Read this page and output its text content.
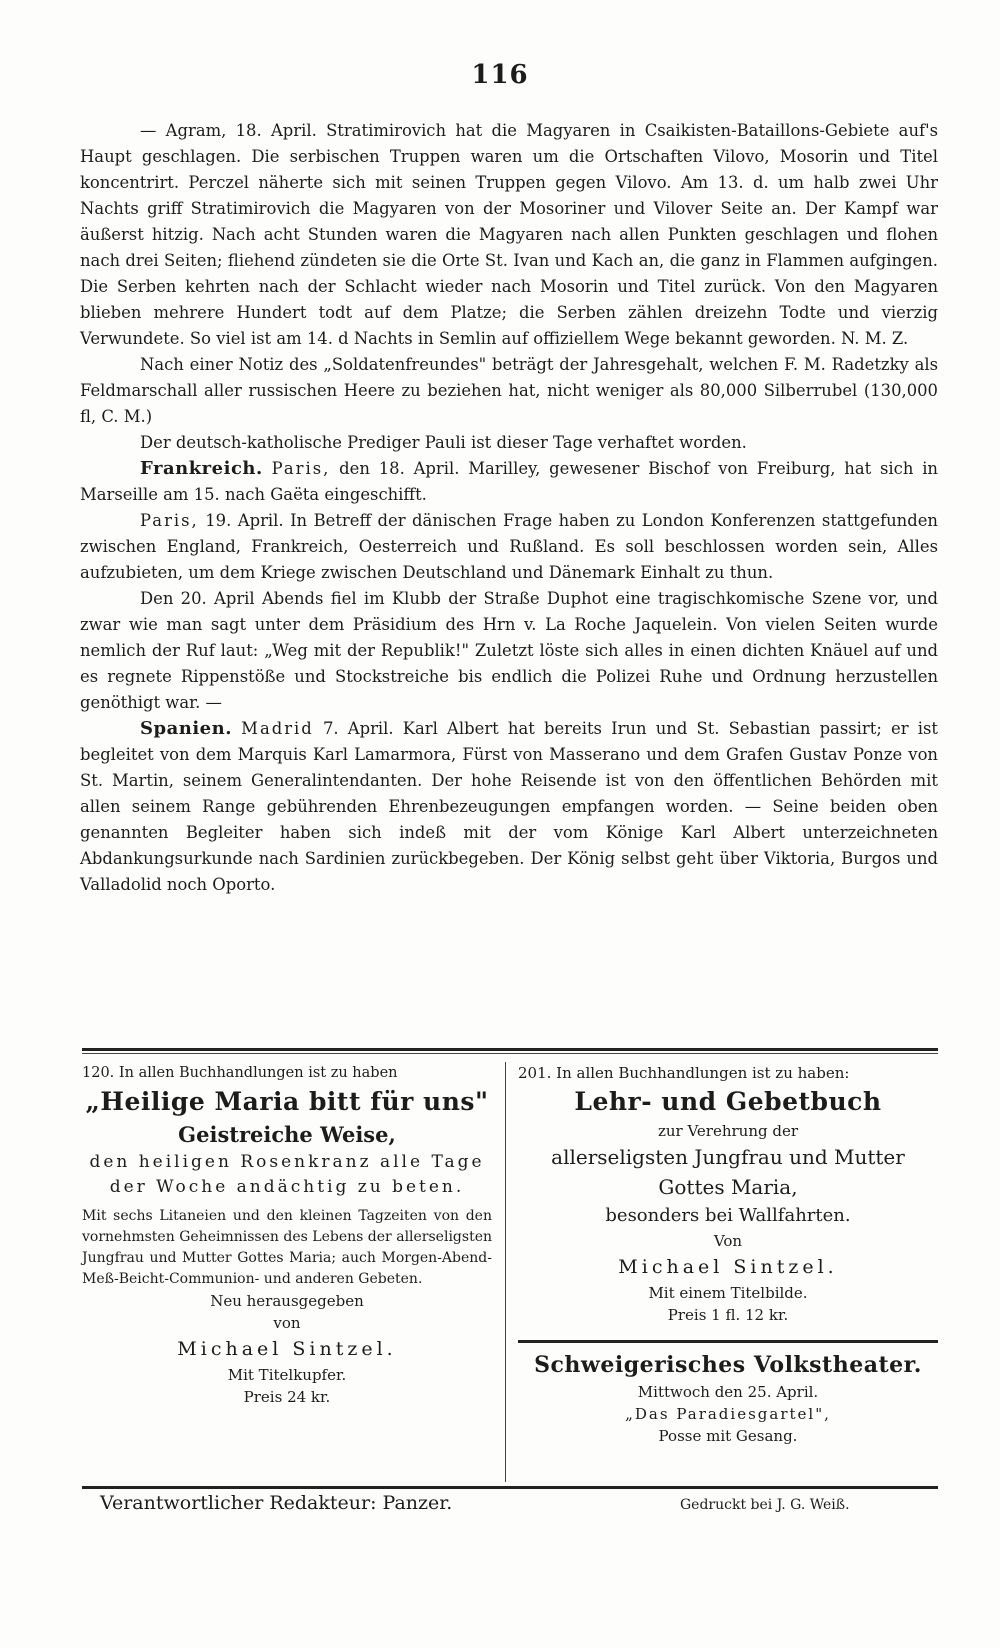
116

— Agram, 18. April. Stratimirovich hat die Magyaren in Csaikisten-Bataillons-Gebiete auf's Haupt geschlagen. Die serbischen Truppen waren um die Ortschaften Vilovo, Mosorin und Titel koncentrirt. Perczel näherte sich mit seinen Truppen gegen Vilovo. Am 13. d. um halb zwei Uhr Nachts griff Stratimirovich die Magyaren von der Mosoriner und Vilover Seite an. Der Kampf war äußerst hitzig. Nach acht Stunden waren die Magyaren nach allen Punkten geschlagen und flohen nach drei Seiten; fliehend zündeten sie die Orte St. Ivan und Kach an, die ganz in Flammen aufgingen. Die Serben kehrten nach der Schlacht wieder nach Mosorin und Titel zurück. Von den Magyaren blieben mehrere Hundert todt auf dem Platze; die Serben zählen dreizehn Todte und vierzig Verwundete. So viel ist am 14. d Nachts in Semlin auf offiziellem Wege bekannt geworden. N. M. Z.

Nach einer Notiz des „Soldatenfreundes" beträgt der Jahresgehalt, welchen F. M. Radetzky als Feldmarschall aller russischen Heere zu beziehen hat, nicht weniger als 80,000 Silberrubel (130,000 fl, C. M.)

Der deutsch-katholische Prediger Pauli ist dieser Tage verhaftet worden.

Frankreich. Paris, den 18. April. Marilley, gewesener Bischof von Freiburg, hat sich in Marseille am 15. nach Gaëta eingeschifft.

Paris, 19. April. In Betreff der dänischen Frage haben zu London Konferenzen stattgefunden zwischen England, Frankreich, Oesterreich und Rußland. Es soll beschlossen worden sein, Alles aufzubieten, um dem Kriege zwischen Deutschland und Dänemark Einhalt zu thun.

Den 20. April Abends fiel im Klubb der Straße Duphot eine tragischkomische Szene vor, und zwar wie man sagt unter dem Präsidium des Hrn v. La Roche Jaquelein. Von vielen Seiten wurde nemlich der Ruf laut: „Weg mit der Republik!" Zuletzt löste sich alles in einen dichten Knäuel auf und es regnete Rippenstöße und Stockstreiche bis endlich die Polizei Ruhe und Ordnung herzustellen genöthigt war. —

Spanien. Madrid 7. April. Karl Albert hat bereits Irun und St. Sebastian passirt; er ist begleitet von dem Marquis Karl Lamarmora, Fürst von Masserano und dem Grafen Gustav Ponze von St. Martin, seinem Generalintendanten. Der hohe Reisende ist von den öffentlichen Behörden mit allen seinem Range gebührenden Ehrenbezeugungen empfangen worden. — Seine beiden oben genannten Begleiter haben sich indeß mit der vom Könige Karl Albert unterzeichneten Abdankungsurkunde nach Sardinien zurückbegeben. Der König selbst geht über Viktoria, Burgos und Valladolid noch Oporto.

120. In allen Buchhandlungen ist zu haben
„Heilige Maria bitt für uns"
Geistreiche Weise,
den heiligen Rosenkranz alle Tage
der Woche andächtig zu beten.
Mit sechs Litaneien und den kleinen Tagzeiten von den vornehmsten Geheimnissen des Lebens der allerseligsten Jungfrau und Mutter Gottes Maria; auch Morgen-Abend-Meß-Beicht-Communion- und anderen Gebeten.
Neu herausgegeben
von
Michael Sintzel.
Mit Titelkupfer.
Preis 24 kr.
201. In allen Buchhandlungen ist zu haben:
Lehr- und Gebetbuch
zur Verehrung der
allerseligsten Jungfrau und Mutter
Gottes Maria,
besonders bei Wallfahrten.
Von
Michael Sintzel.
Mit einem Titelbilde.
Preis 1 fl. 12 kr.
Schweigerisches Volkstheater.
Mittwoch den 25. April.
„Das Paradiesgartel",
Posse mit Gesang.
Verantwortlicher Redakteur: Panzer.	Gedruckt bei J. G. Weiß.
